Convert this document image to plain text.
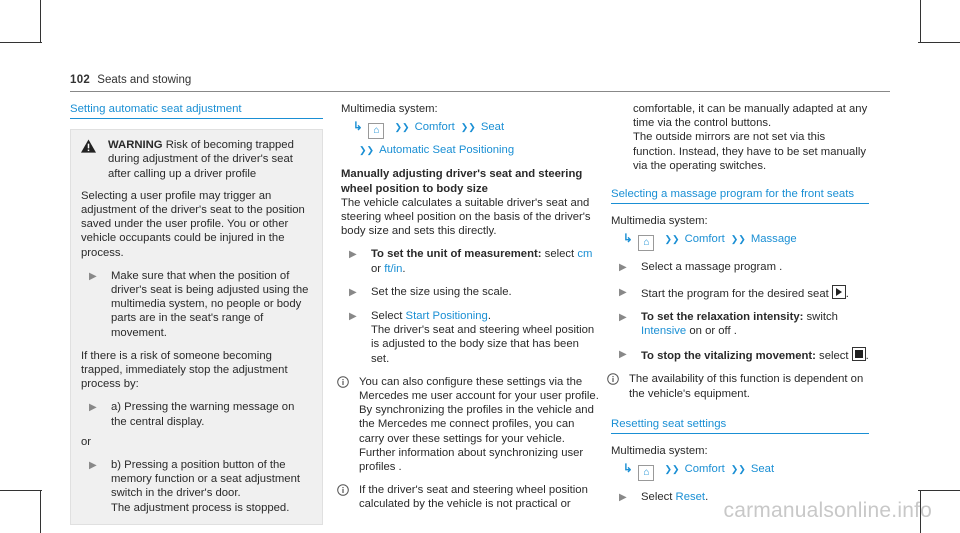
102 Seats and stowing
Setting automatic seat adjustment
WARNING Risk of becoming trapped during adjustment of the driver's seat after calling up a driver profile

Selecting a user profile may trigger an adjustment of the driver's seat to the position saved under the user profile. You or other vehicle occupants could be injured in the process.

▶	Make sure that when the position of driver's seat is being adjusted using the multimedia system, no people or body parts are in the seat's range of movement.

If there is a risk of someone becoming trapped, immediately stop the adjustment process by:

▶	a) Pressing the warning message on the central display.

or

▶	b) Pressing a position button of the memory function or a seat adjustment switch in the driver's door.
The adjustment process is stopped.
Multimedia system:
↳ ⌂ ❯❯ Comfort ❯❯ Seat
❯❯ Automatic Seat Positioning
Manually adjusting driver's seat and steering wheel position to body size

The vehicle calculates a suitable driver's seat and steering wheel position on the basis of the driver's body size and sets this directly.

▶	To set the unit of measurement: select cm or ft/in.
▶	Set the size using the scale.
▶	Select Start Positioning.
The driver's seat and steering wheel position is adjusted to the body size that has been set.
You can also configure these settings via the Mercedes me user account for your user profile. By synchronizing the profiles in the vehicle and the Mercedes me connect profiles, you can carry over these settings for your vehicle. Further information about synchronizing user profiles .
If the driver's seat and steering wheel position calculated by the vehicle is not practical or
comfortable, it can be manually adapted at any time via the control buttons.
The outside mirrors are not set via this function. Instead, they have to be set manually via the operating switches.
Selecting a massage program for the front seats
Multimedia system:
↳ ⌂ ❯❯ Comfort ❯❯ Massage
▶	Select a massage program .
▶	Start the program for the desired seat .
▶	To set the relaxation intensity: switch Intensive on or off .
▶	To stop the vitalizing movement: select .
The availability of this function is dependent on the vehicle's equipment.
Resetting seat settings
Multimedia system:
↳ ⌂ ❯❯ Comfort ❯❯ Seat
▶	Select Reset.
carmanualsonline.info
